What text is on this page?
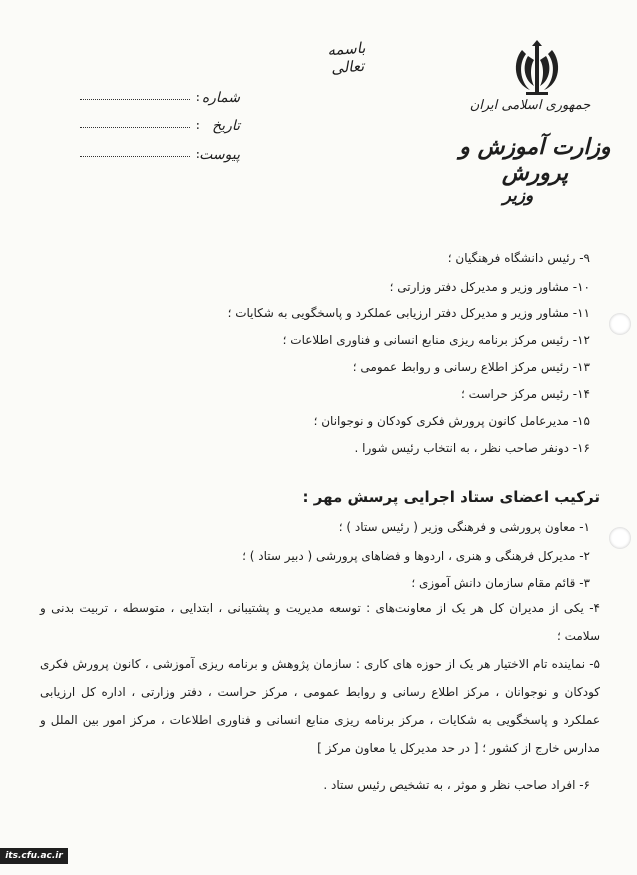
باسمه تعالی
جمهوری اسلامی ایران
وزارت آموزش و پرورش
وزیر
شماره
:
تاریخ
:
پیوست
:
۹- رئیس دانشگاه فرهنگیان ؛
۱۰- مشاور وزیر و مدیرکل دفتر وزارتی ؛
۱۱- مشاور وزیر و مدیرکل دفتر ارزیابی عملکرد و پاسخگویی به شکایات ؛
۱۲- رئیس مرکز برنامه ریزی منابع انسانی و فناوری اطلاعات ؛
۱۳- رئیس مرکز اطلاع رسانی و روابط عمومی ؛
۱۴- رئیس مرکز حراست ؛
۱۵- مدیرعامل کانون پرورش فکری کودکان و نوجوانان ؛
۱۶- دونفر صاحب نظر ، به انتخاب رئیس شورا .
ترکیب اعضای ستاد اجرایی پرسش مهر :
۱- معاون پرورشی و فرهنگی وزیر ( رئیس ستاد ) ؛
۲- مدیرکل فرهنگی و هنری ، اردوها و فضاهای پرورشی ( دبیر ستاد ) ؛
۳- قائم مقام سازمان دانش آموزی ؛
۴- یکی از مدیران کل هر یک از معاونت‌های : توسعه مدیریت و پشتیبانی ، ابتدایی ، متوسطه ، تربیت بدنی و سلامت ؛
۵- نماینده تام الاختیار هر یک از حوزه های کاری : سازمان پژوهش و برنامه ریزی آموزشی ، کانون پرورش فکری کودکان و نوجوانان ، مرکز اطلاع رسانی و روابط عمومی ، مرکز حراست ، دفتر وزارتی ، اداره کل ارزیابی عملکرد و پاسخگویی به شکایات ، مرکز برنامه ریزی منابع انسانی و فناوری اطلاعات ، مرکز امور بین الملل و مدارس خارج از کشور ؛ [ در حد مدیرکل یا معاون مرکز ]
۶- افراد صاحب نظر و موثر ، به تشخیص رئیس ستاد .
its.cfu.ac.ir
